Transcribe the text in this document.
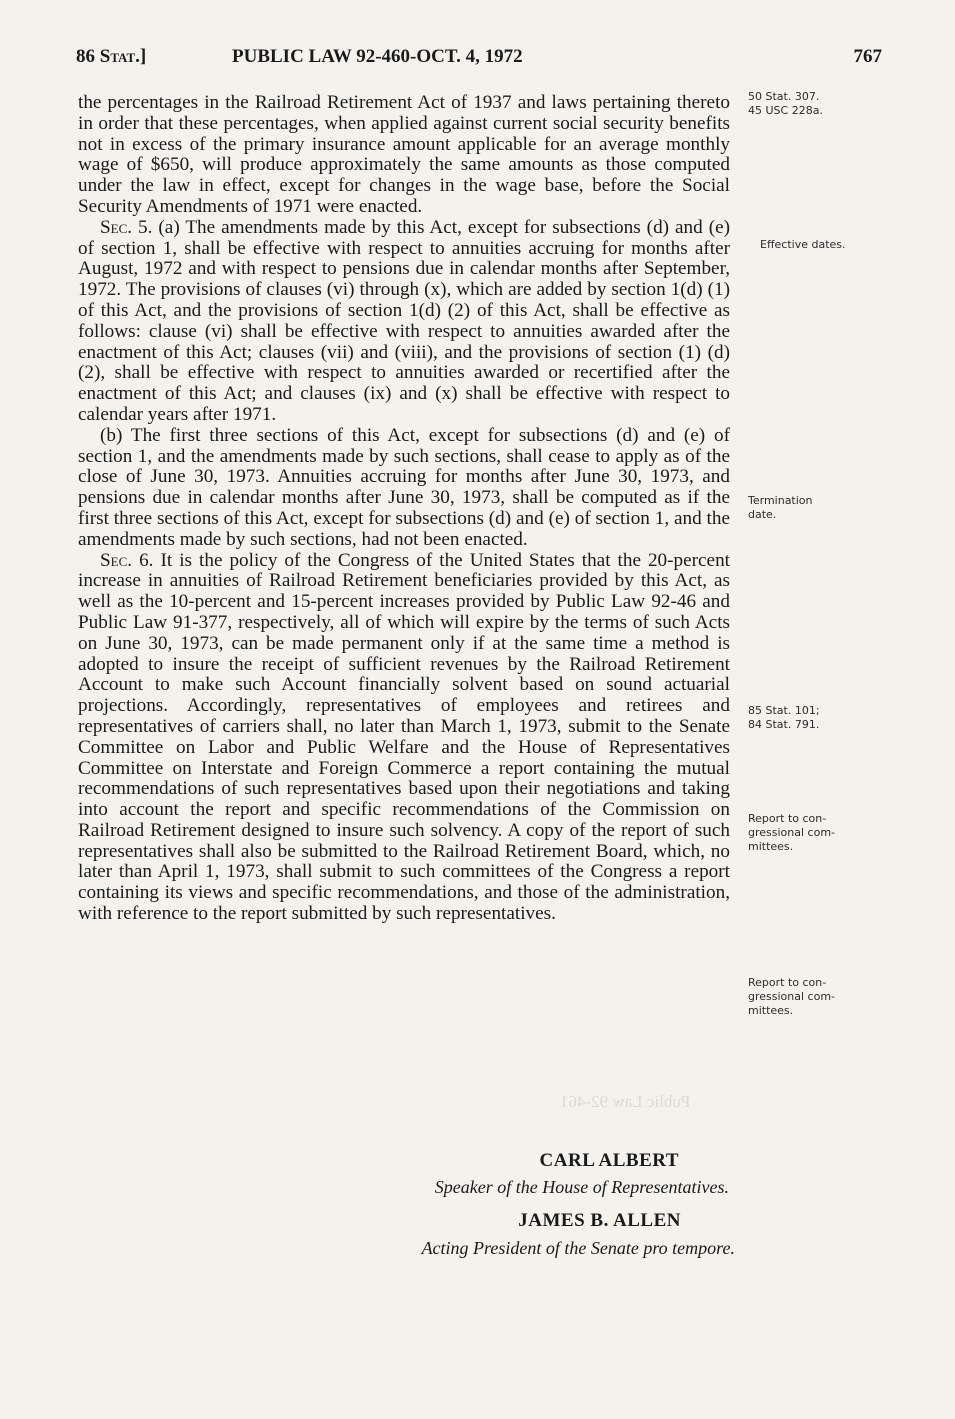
Public Law 92-461
86 Stat.]	PUBLIC LAW 92-460-OCT. 4, 1972	767

the percentages in the Railroad Retirement Act of 1937 and laws pertaining thereto in order that these percentages, when applied against current social security benefits not in excess of the primary insurance amount applicable for an average monthly wage of $650, will produce approximately the same amounts as those computed under the law in effect, except for changes in the wage base, before the Social Security Amendments of 1971 were enacted.

Sec. 5. (a) The amendments made by this Act, except for subsections (d) and (e) of section 1, shall be effective with respect to annuities accruing for months after August, 1972 and with respect to pensions due in calendar months after September, 1972. The provisions of clauses (vi) through (x), which are added by section 1(d) (1) of this Act, and the provisions of section 1(d) (2) of this Act, shall be effective as follows: clause (vi) shall be effective with respect to annuities awarded after the enactment of this Act; clauses (vii) and (viii), and the provisions of section (1) (d) (2), shall be effective with respect to annuities awarded or recertified after the enactment of this Act; and clauses (ix) and (x) shall be effective with respect to calendar years after 1971.

(b) The first three sections of this Act, except for subsections (d) and (e) of section 1, and the amendments made by such sections, shall cease to apply as of the close of June 30, 1973. Annuities accruing for months after June 30, 1973, and pensions due in calendar months after June 30, 1973, shall be computed as if the first three sections of this Act, except for subsections (d) and (e) of section 1, and the amendments made by such sections, had not been enacted.

Sec. 6. It is the policy of the Congress of the United States that the 20-percent increase in annuities of Railroad Retirement beneficiaries provided by this Act, as well as the 10-percent and 15-percent increases provided by Public Law 92-46 and Public Law 91-377, respectively, all of which will expire by the terms of such Acts on June 30, 1973, can be made permanent only if at the same time a method is adopted to insure the receipt of sufficient revenues by the Railroad Retirement Account to make such Account financially solvent based on sound actuarial projections. Accordingly, representatives of employees and retirees and representatives of carriers shall, no later than March 1, 1973, submit to the Senate Committee on Labor and Public Welfare and the House of Representatives Committee on Interstate and Foreign Commerce a report containing the mutual recommendations of such representatives based upon their negotiations and taking into account the report and specific recommendations of the Commission on Railroad Retirement designed to insure such solvency. A copy of the report of such representatives shall also be submitted to the Railroad Retirement Board, which, no later than April 1, 1973, shall submit to such committees of the Congress a report containing its views and specific recommendations, and those of the administration, with reference to the report submitted by such representatives.

50 Stat. 307.
45 USC 228a.
Effective dates.
Termination
date.
85 Stat. 101;
84 Stat. 791.
Report to con-
gressional com-
mittees.
Report to con-
gressional com-
mittees.
CARL ALBERT
Speaker of the House of Representatives.
JAMES B. ALLEN
Acting President of the Senate pro tempore.
